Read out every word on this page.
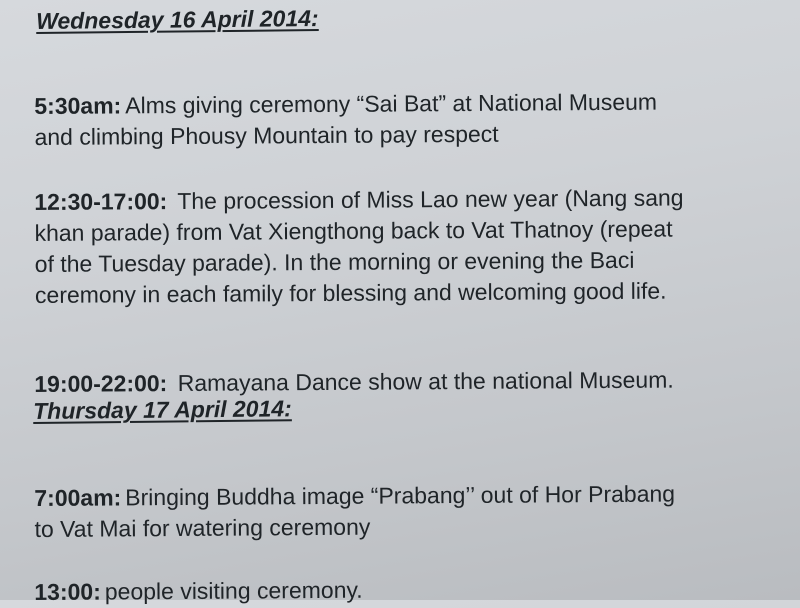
Wednesday 16 April 2014:

5:30am: Alms giving ceremony “Sai Bat” at National Museum
and climbing Phousy Mountain to pay respect

12:30-17:00: The procession of Miss Lao new year (Nang sang
khan parade) from Vat Xiengthong back to Vat Thatnoy (repeat
of the Tuesday parade). In the morning or evening the Baci
ceremony in each family for blessing and welcoming good life.

19:00-22:00: Ramayana Dance show at the national Museum.

Thursday 17 April 2014:

7:00am: Bringing Buddha image “Prabang’’ out of Hor Prabang
to Vat Mai for watering ceremony

13:00: people visiting ceremony.
